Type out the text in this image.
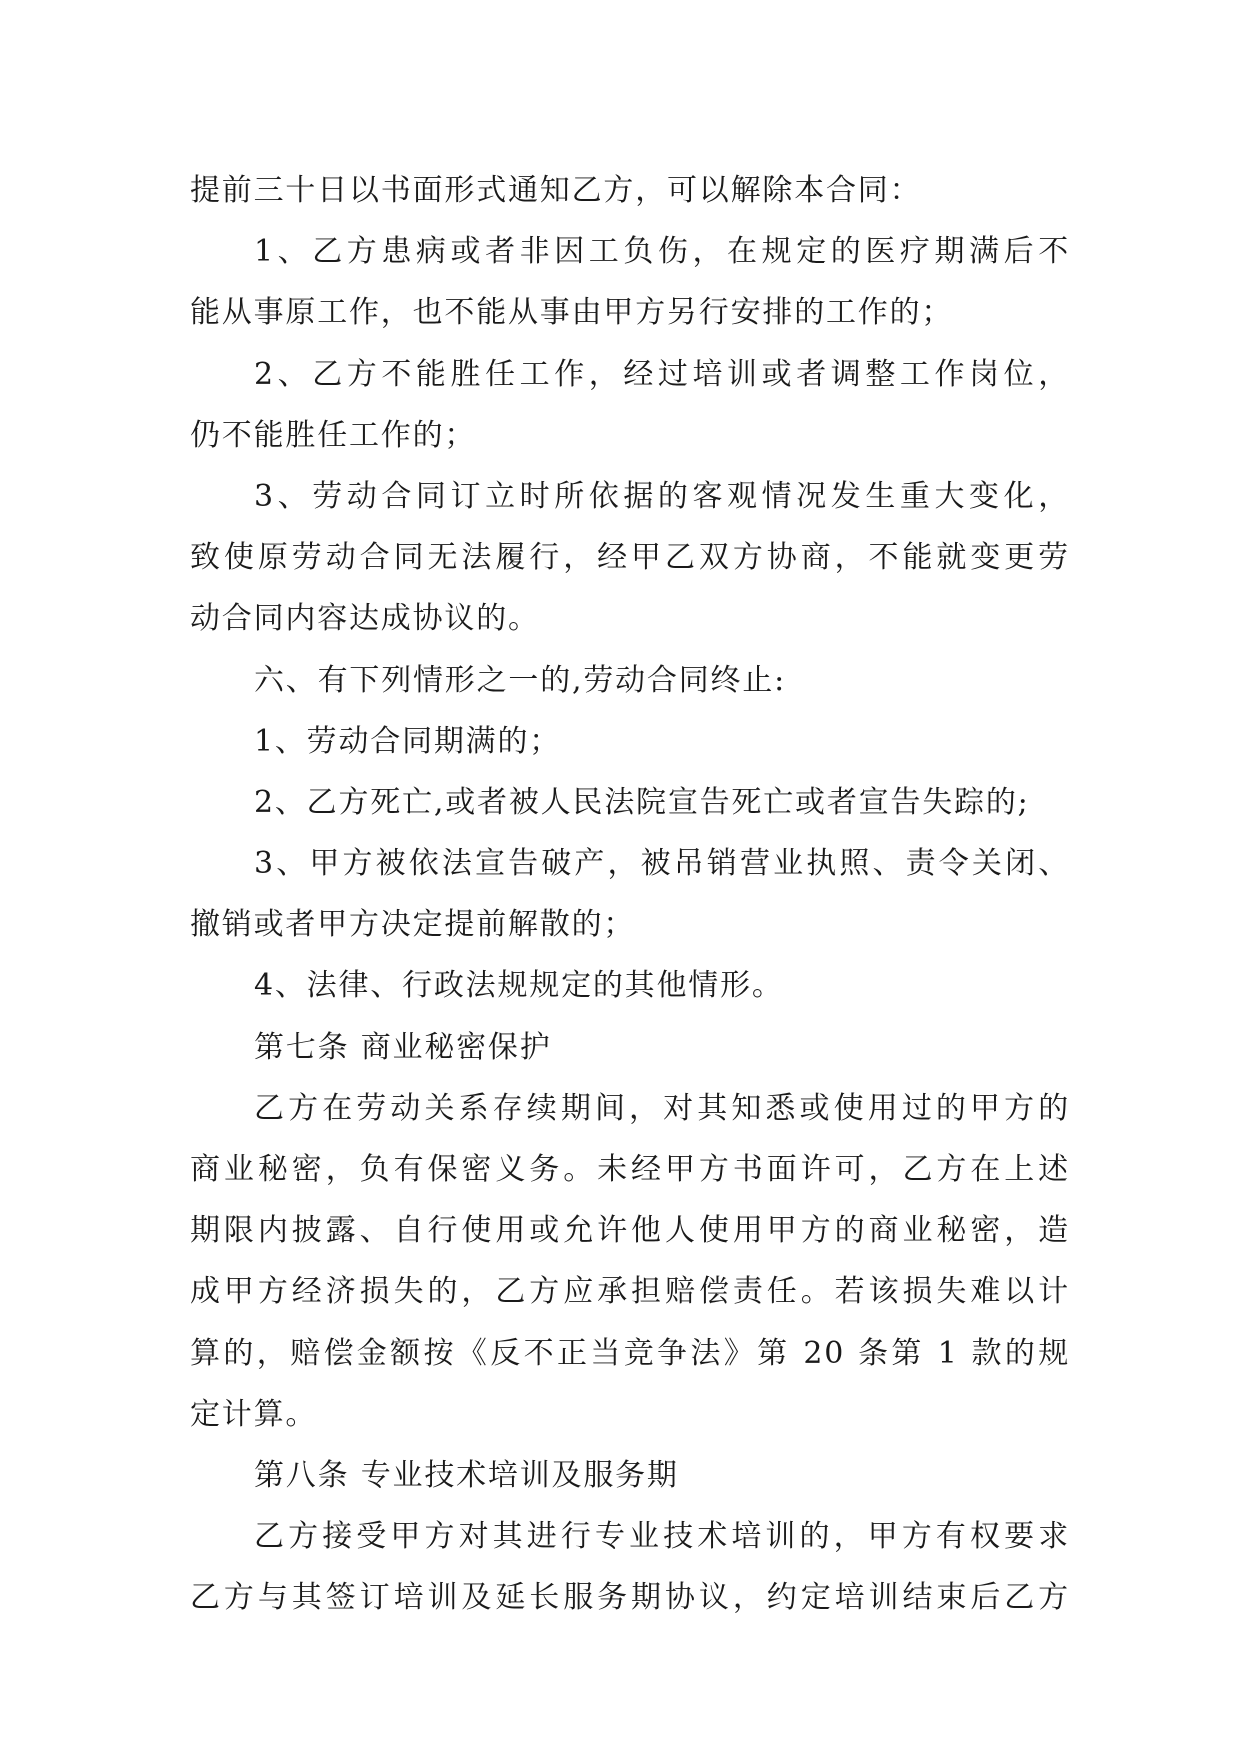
提前三十日以书面形式通知乙方，可以解除本合同：
1、乙方患病或者非因工负伤，在规定的医疗期满后不
能从事原工作，也不能从事由甲方另行安排的工作的；
2、乙方不能胜任工作，经过培训或者调整工作岗位，
仍不能胜任工作的；
3、劳动合同订立时所依据的客观情况发生重大变化，
致使原劳动合同无法履行，经甲乙双方协商，不能就变更劳
动合同内容达成协议的。
六、有下列情形之一的,劳动合同终止:
1、劳动合同期满的；
2、乙方死亡,或者被人民法院宣告死亡或者宣告失踪的;
3、甲方被依法宣告破产，被吊销营业执照、责令关闭、
撤销或者甲方决定提前解散的；
4、法律、行政法规规定的其他情形。
第七条 商业秘密保护
乙方在劳动关系存续期间，对其知悉或使用过的甲方的
商业秘密，负有保密义务。未经甲方书面许可，乙方在上述
期限内披露、自行使用或允许他人使用甲方的商业秘密，造
成甲方经济损失的，乙方应承担赔偿责任。若该损失难以计
算的，赔偿金额按《反不正当竞争法》第 20 条第 1 款的规
定计算。
第八条 专业技术培训及服务期
乙方接受甲方对其进行专业技术培训的，甲方有权要求
乙方与其签订培训及延长服务期协议，约定培训结束后乙方
